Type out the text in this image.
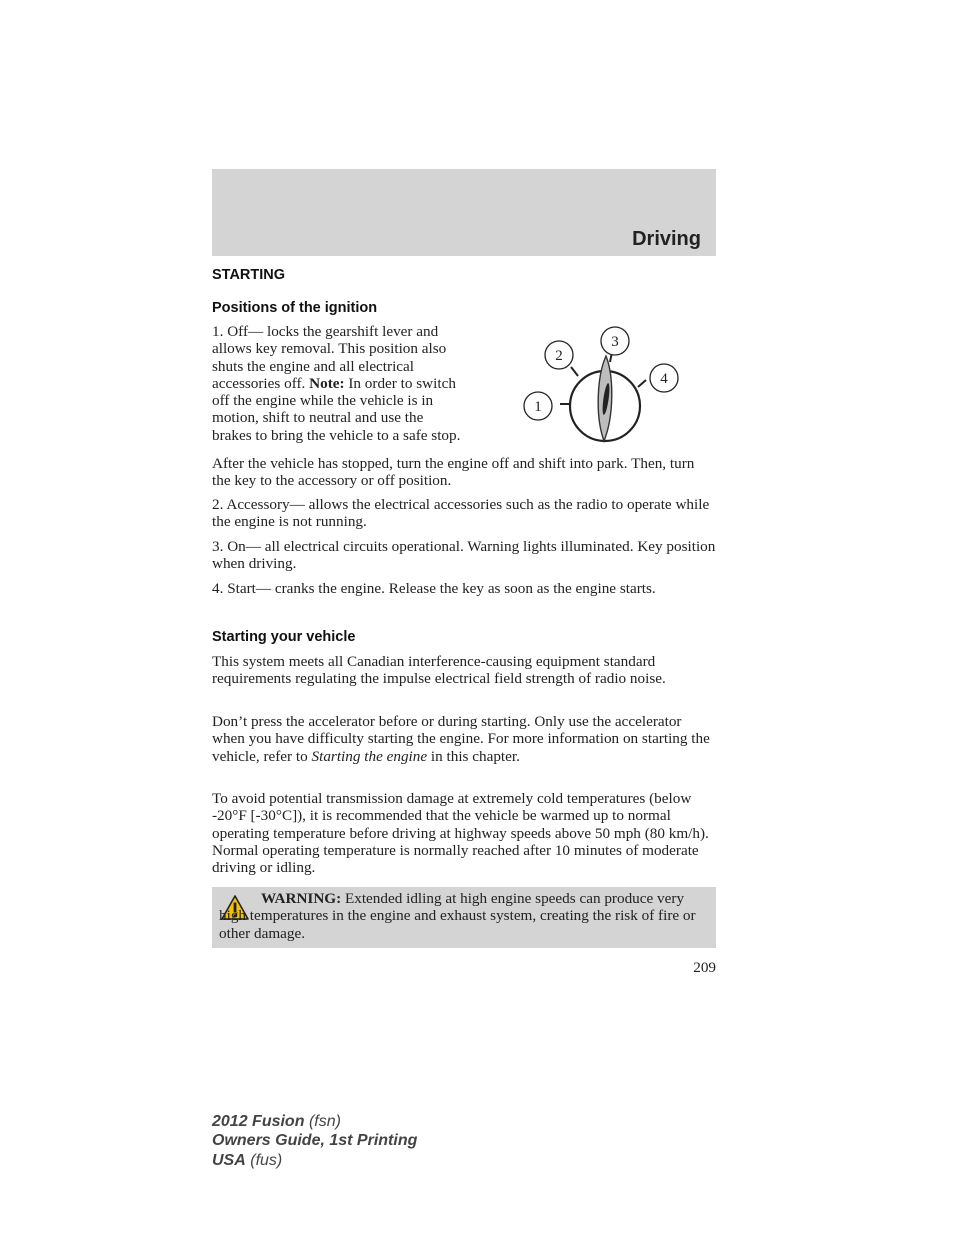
Driving
STARTING
Positions of the ignition

1. Off— locks the gearshift lever and allows key removal. This position also shuts the engine and all electrical accessories off. Note: In order to switch off the engine while the vehicle is in motion, shift to neutral and use the brakes to bring the vehicle to a safe stop.

1
2
3
4

After the vehicle has stopped, turn the engine off and shift into park. Then, turn the key to the accessory or off position.

2. Accessory— allows the electrical accessories such as the radio to operate while the engine is not running.

3. On— all electrical circuits operational. Warning lights illuminated. Key position when driving.

4. Start— cranks the engine. Release the key as soon as the engine starts.

Starting your vehicle

This system meets all Canadian interference-causing equipment standard requirements regulating the impulse electrical field strength of radio noise.

Don’t press the accelerator before or during starting. Only use the accelerator when you have difficulty starting the engine. For more information on starting the vehicle, refer to Starting the engine in this chapter.

To avoid potential transmission damage at extremely cold temperatures (below -20°F [-30°C]), it is recommended that the vehicle be warmed up to normal operating temperature before driving at highway speeds above 50 mph (80 km/h). Normal operating temperature is normally reached after 10 minutes of moderate driving or idling.

WARNING: Extended idling at high engine speeds can produce very high temperatures in the engine and exhaust system, creating the risk of fire or other damage.

209
2012 Fusion (fsn)
Owners Guide, 1st Printing
USA (fus)
